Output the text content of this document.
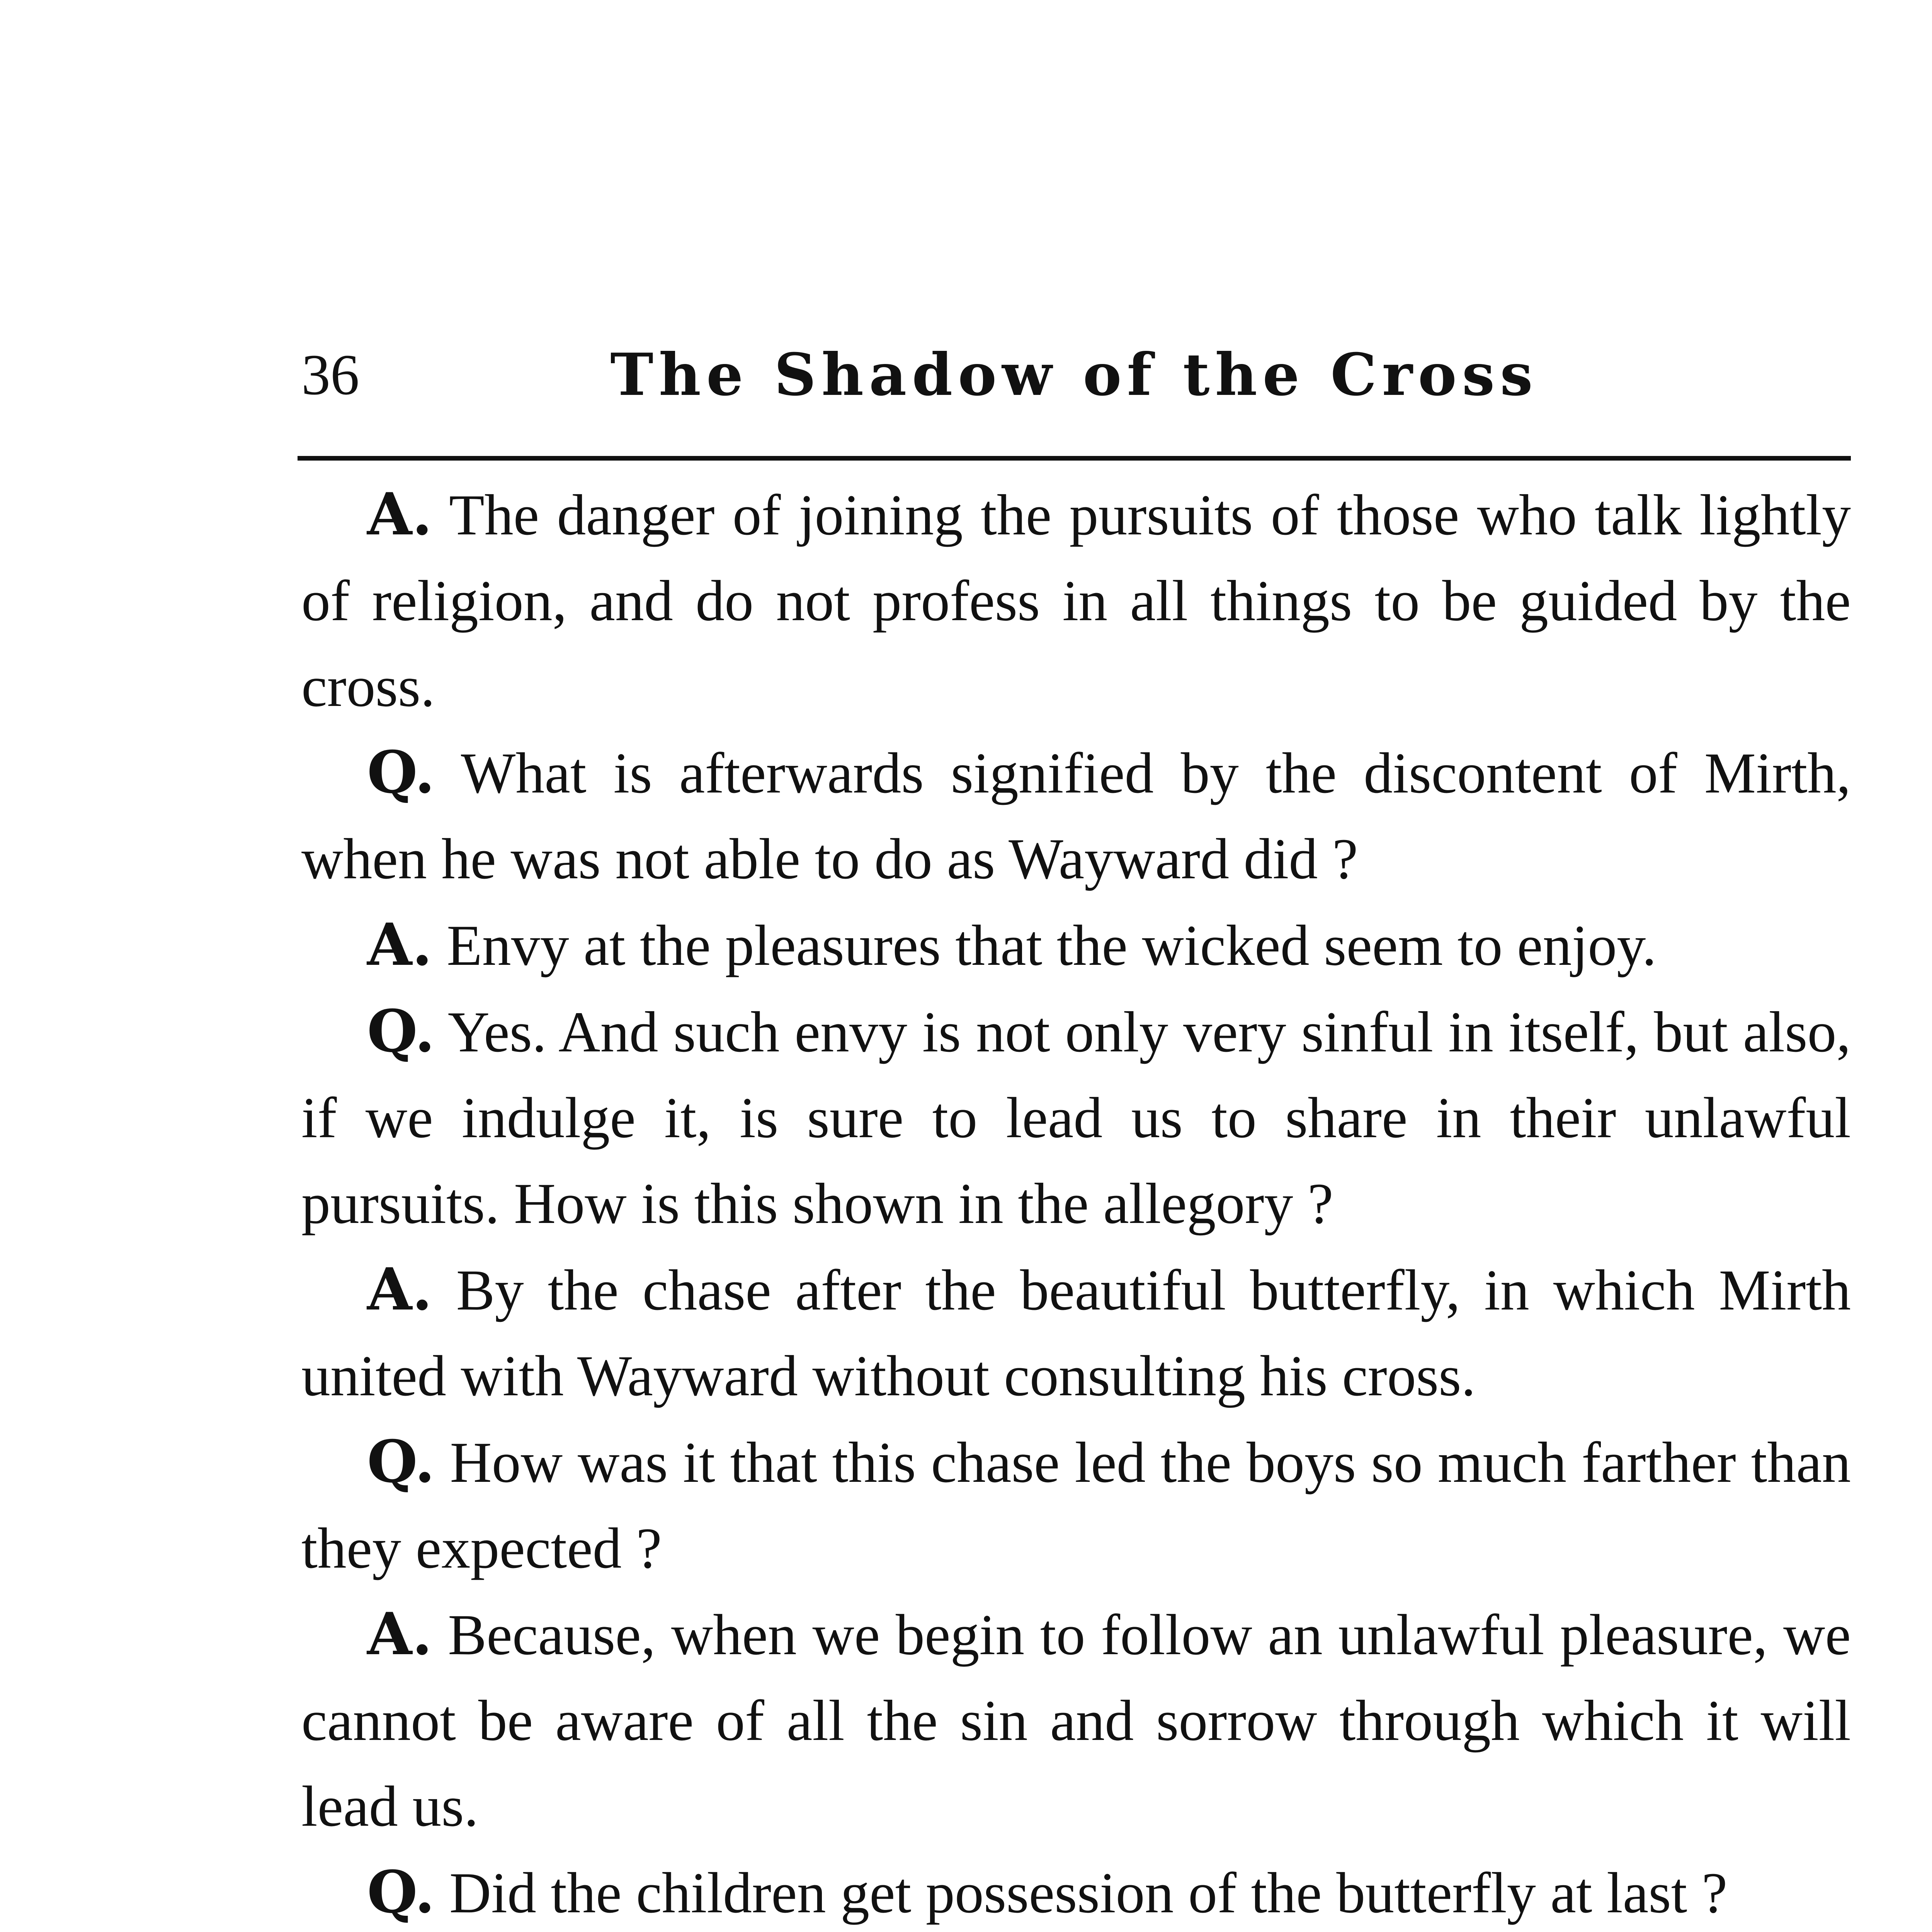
36	The Shadow of the Cross

A. The danger of joining the pursuits of those who talk lightly of religion, and do not profess in all things to be guided by the cross.

Q. What is afterwards signified by the discontent of Mirth, when he was not able to do as Wayward did ?

A. Envy at the pleasures that the wicked seem to enjoy.

Q. Yes. And such envy is not only very sinful in itself, but also, if we indulge it, is sure to lead us to share in their unlawful pursuits. How is this shown in the allegory ?

A. By the chase after the beautiful butterfly, in which Mirth united with Wayward without consulting his cross.

Q. How was it that this chase led the boys so much farther than they expected ?

A. Because, when we begin to follow an unlawful pleasure, we cannot be aware of all the sin and sorrow through which it will lead us.

Q. Did the children get possession of the butterfly at last ?
